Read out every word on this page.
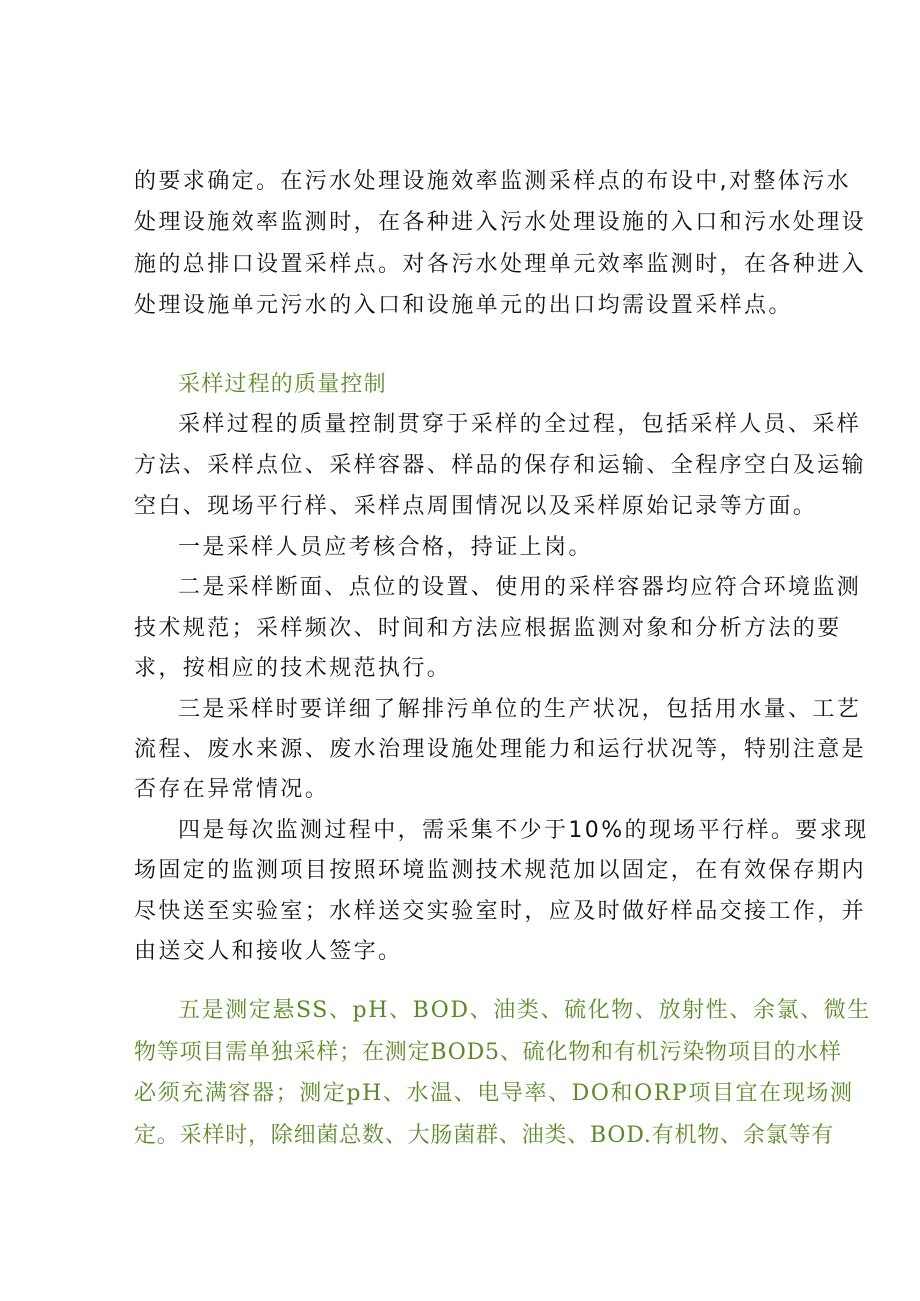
的要求确定。在污水处理设施效率监测采样点的布设中,对整体污水
处理设施效率监测时，在各种进入污水处理设施的入口和污水处理设
施的总排口设置采样点。对各污水处理单元效率监测时，在各种进入
处理设施单元污水的入口和设施单元的出口均需设置采样点。
采样过程的质量控制
采样过程的质量控制贯穿于采样的全过程，包括采样人员、采样
方法、采样点位、采样容器、样品的保存和运输、全程序空白及运输
空白、现场平行样、采样点周围情况以及采样原始记录等方面。
一是采样人员应考核合格，持证上岗。
二是采样断面、点位的设置、使用的采样容器均应符合环境监测
技术规范；采样频次、时间和方法应根据监测对象和分析方法的要
求，按相应的技术规范执行。
三是采样时要详细了解排污单位的生产状况，包括用水量、工艺
流程、废水来源、废水治理设施处理能力和运行状况等，特别注意是
否存在异常情况。
四是每次监测过程中，需采集不少于10%的现场平行样。要求现
场固定的监测项目按照环境监测技术规范加以固定，在有效保存期内
尽快送至实验室；水样送交实验室时，应及时做好样品交接工作，并
由送交人和接收人签字。
五是测定悬SS、pH、BOD、油类、硫化物、放射性、余氯、微生
物等项目需单独采样；在测定BOD5、硫化物和有机污染物项目的水样
必须充满容器；测定pH、水温、电导率、DO和ORP项目宜在现场测
定。采样时，除细菌总数、大肠菌群、油类、BOD.有机物、余氯等有
